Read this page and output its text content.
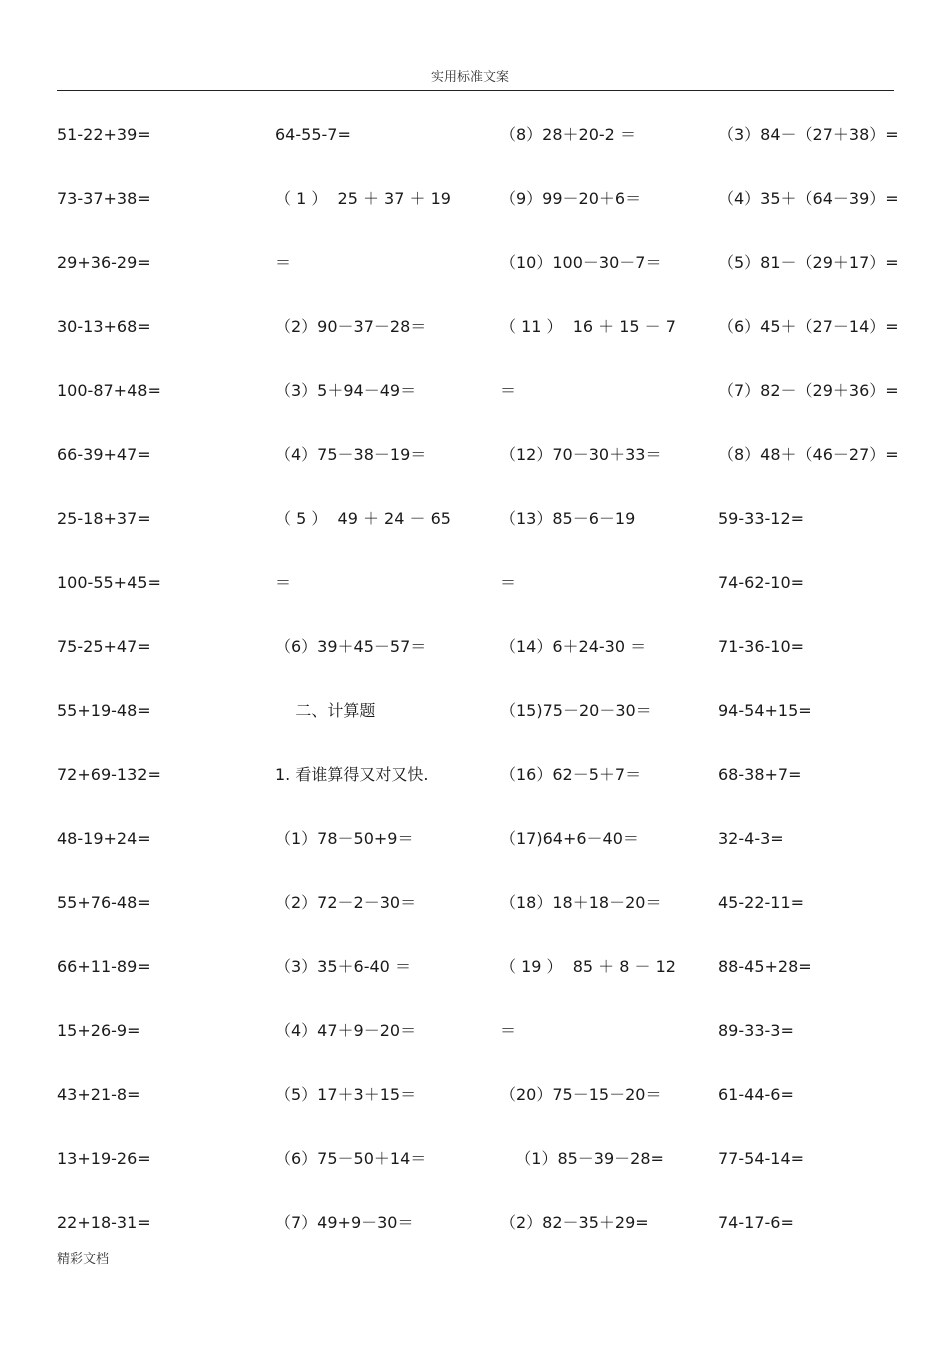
实用标准文案
51-22+39=
73-37+38=
29+36-29=
30-13+68=
100-87+48=
66-39+47=
25-18+37=
100-55+45=
75-25+47=
55+19-48=
72+69-132=
48-19+24=
55+76-48=
66+11-89=
15+26-9=
43+21-8=
13+19-26=
22+18-31=
64-55-7=
（ 1 ）  25 ＋ 37 ＋ 19
＝
（2）90－37－28＝
（3）5＋94－49＝
（4）75－38－19＝
（ 5 ）  49 ＋ 24 － 65
＝
（6）39＋45－57＝
二、计算题
1. 看谁算得又对又快.
（1）78－50+9＝
（2）72－2－30＝
（3）35＋6-40 ＝
（4）47＋9－20＝
（5）17＋3＋15＝
（6）75－50＋14＝
（7）49+9－30＝
（8）28＋20-2 ＝
（9）99－20＋6＝
（10）100－30－7＝
（ 11 ）  16 ＋ 15 － 7
＝
（12）70－30＋33＝
（13）85－6－19
＝
（14）6＋24-30 ＝
（15)75－20－30＝
（16）62－5＋7＝
（17)64+6－40＝
（18）18＋18－20＝
（ 19 ）  85 ＋ 8 － 12
＝
（20）75－15－20＝
（1）85－39－28=
（2）82－35＋29=
（3）84－（27＋38）=
（4）35＋（64－39）=
（5）81－（29＋17）=
（6）45＋（27－14）=
（7）82－（29＋36）=
（8）48＋（46－27）=
59-33-12=
74-62-10=
71-36-10=
94-54+15=
68-38+7=
32-4-3=
45-22-11=
88-45+28=
89-33-3=
61-44-6=
77-54-14=
74-17-6=
精彩文档
